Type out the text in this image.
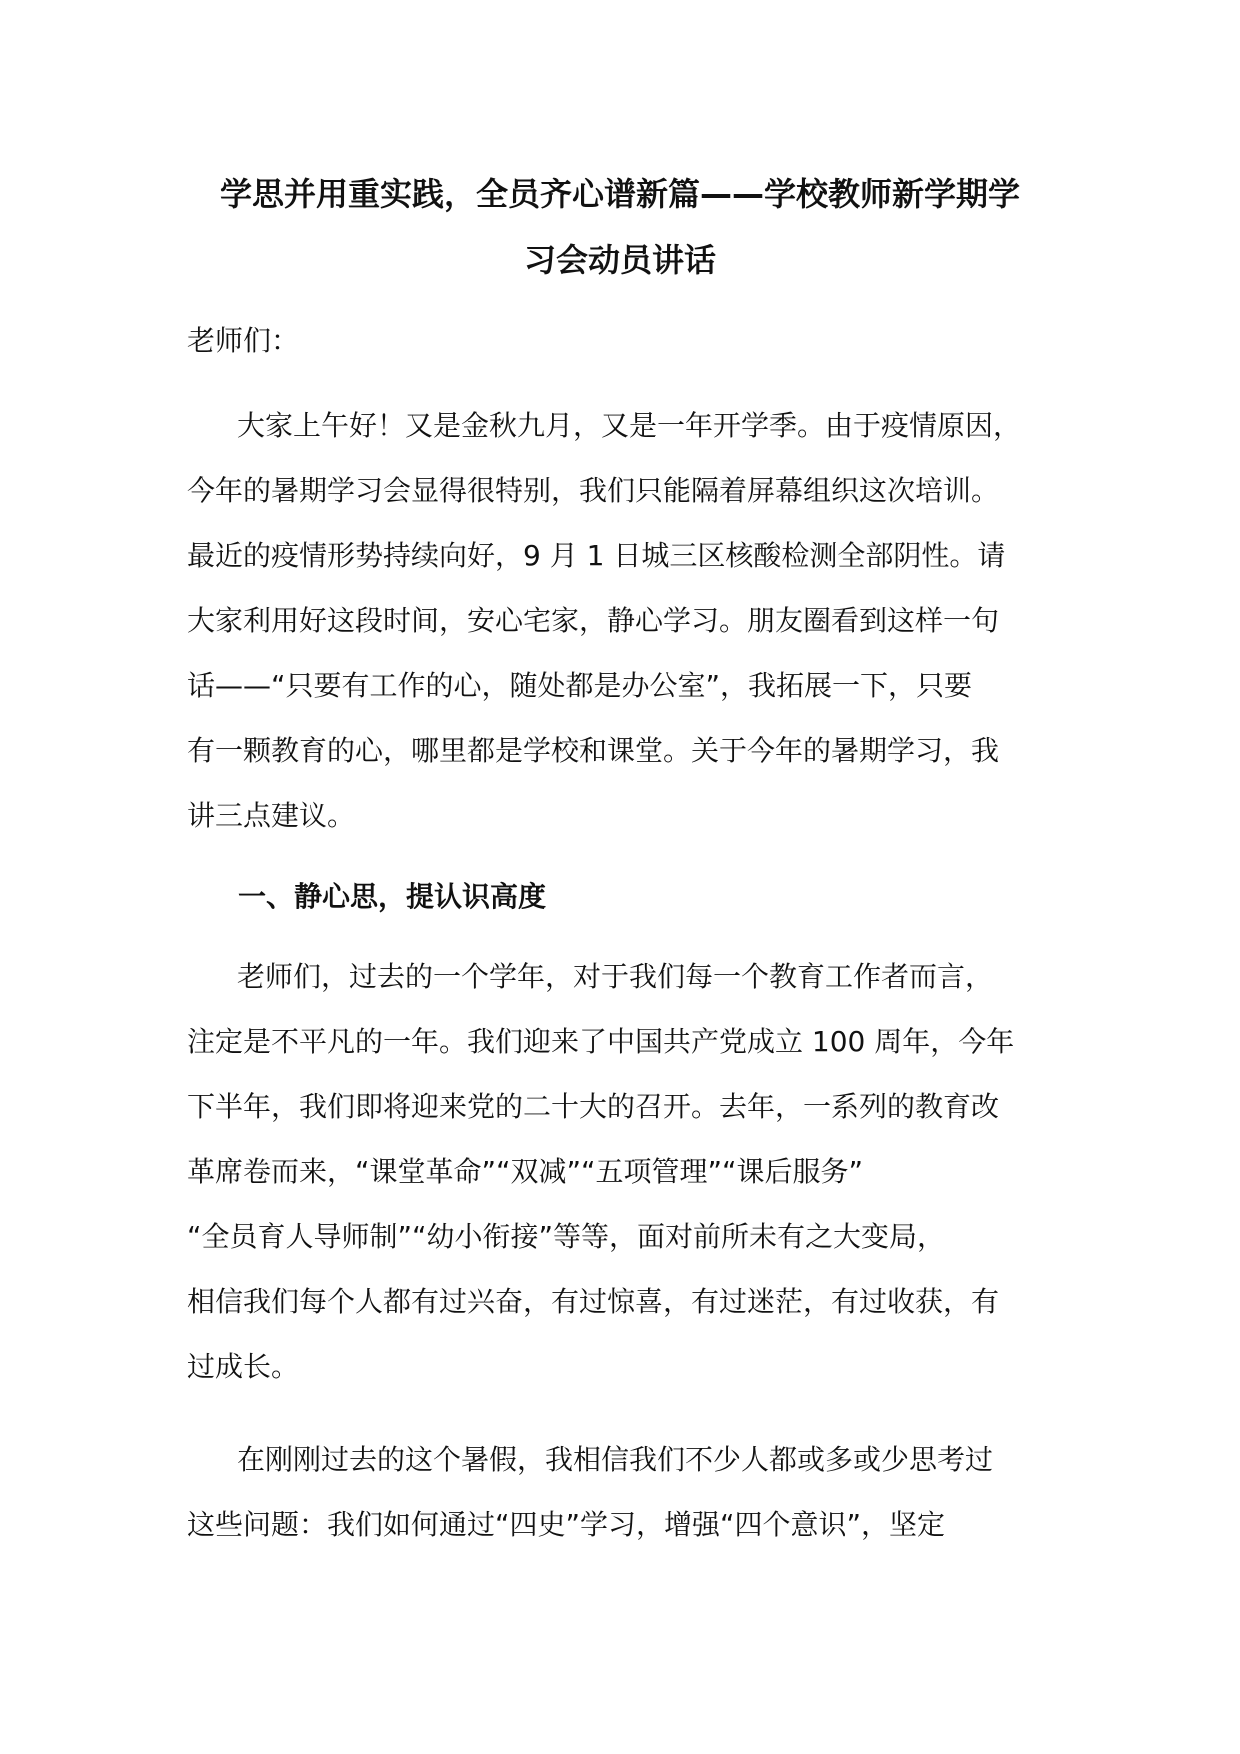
学思并用重实践，全员齐心谱新篇——学校教师新学期学
习会动员讲话

老师们：

大家上午好！又是金秋九月，又是一年开学季。由于疫情原因，
今年的暑期学习会显得很特别，我们只能隔着屏幕组织这次培训。
最近的疫情形势持续向好，9 月 1 日城三区核酸检测全部阴性。请
大家利用好这段时间，安心宅家，静心学习。朋友圈看到这样一句
话——“只要有工作的心，随处都是办公室”，我拓展一下，只要
有一颗教育的心，哪里都是学校和课堂。关于今年的暑期学习，我
讲三点建议。
一、静心思，提认识高度
老师们，过去的一个学年，对于我们每一个教育工作者而言，
注定是不平凡的一年。我们迎来了中国共产党成立 100 周年，今年
下半年，我们即将迎来党的二十大的召开。去年，一系列的教育改
革席卷而来，“课堂革命”“双减”“五项管理”“课后服务”
“全员育人导师制”“幼小衔接”等等，面对前所未有之大变局，
相信我们每个人都有过兴奋，有过惊喜，有过迷茫，有过收获，有
过成长。
在刚刚过去的这个暑假，我相信我们不少人都或多或少思考过
这些问题：我们如何通过“四史”学习，增强“四个意识”，坚定
